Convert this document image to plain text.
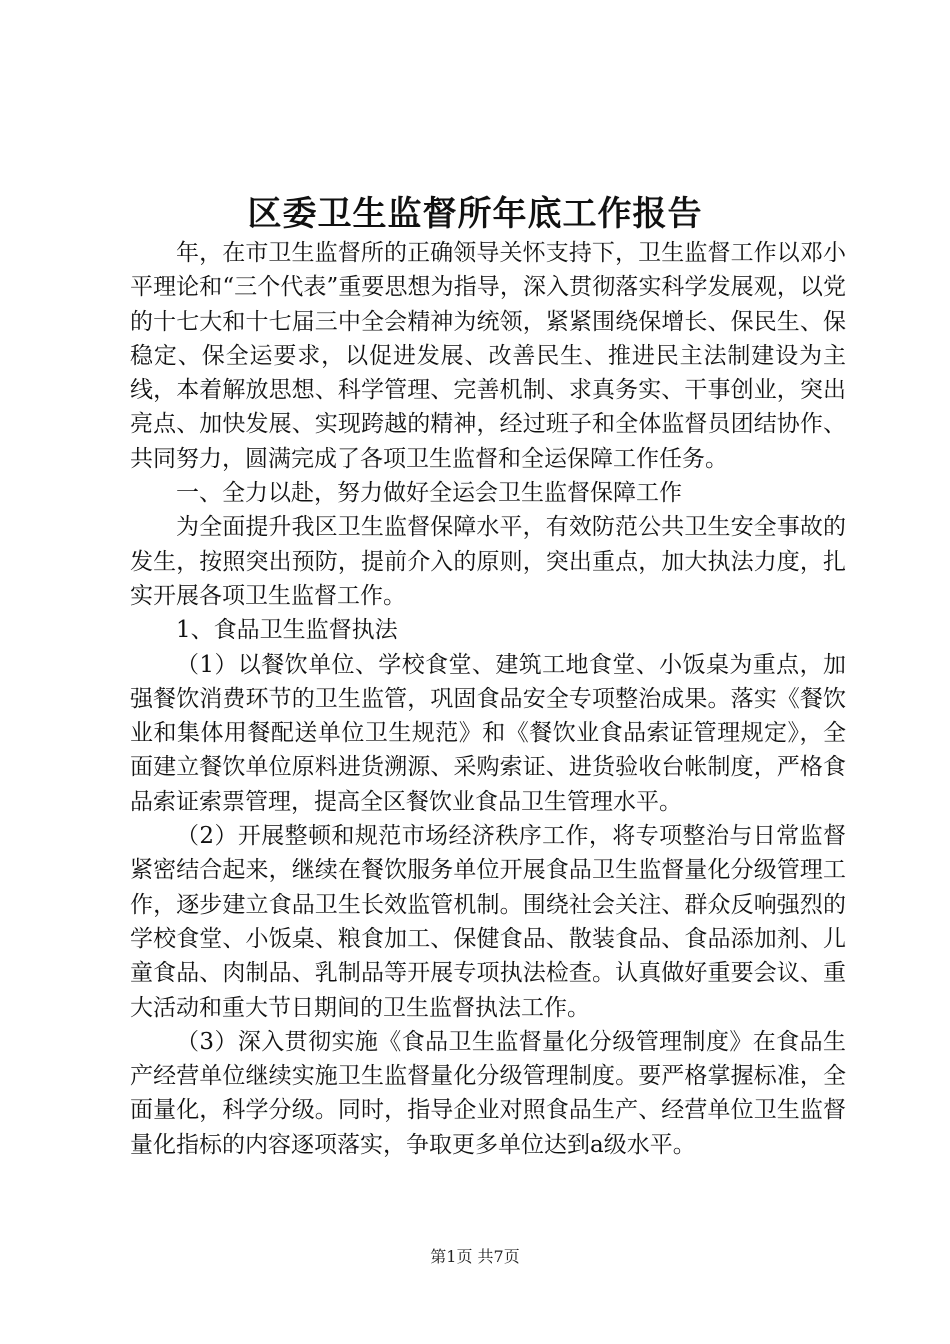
区委卫生监督所年底工作报告

年，在市卫生监督所的正确领导关怀支持下，卫生监督工作以邓小平理论和“三个代表”重要思想为指导，深入贯彻落实科学发展观，以党的十七大和十七届三中全会精神为统领，紧紧围绕保增长、保民生、保稳定、保全运要求，以促进发展、改善民生、推进民主法制建设为主线，本着解放思想、科学管理、完善机制、求真务实、干事创业，突出亮点、加快发展、实现跨越的精神，经过班子和全体监督员团结协作、共同努力，圆满完成了各项卫生监督和全运保障工作任务。

一、全力以赴，努力做好全运会卫生监督保障工作

为全面提升我区卫生监督保障水平，有效防范公共卫生安全事故的发生，按照突出预防，提前介入的原则，突出重点，加大执法力度，扎实开展各项卫生监督工作。

1、食品卫生监督执法

（1）以餐饮单位、学校食堂、建筑工地食堂、小饭桌为重点，加强餐饮消费环节的卫生监管，巩固食品安全专项整治成果。落实《餐饮业和集体用餐配送单位卫生规范》和《餐饮业食品索证管理规定》，全面建立餐饮单位原料进货溯源、采购索证、进货验收台帐制度，严格食品索证索票管理，提高全区餐饮业食品卫生管理水平。

（2）开展整顿和规范市场经济秩序工作，将专项整治与日常监督紧密结合起来，继续在餐饮服务单位开展食品卫生监督量化分级管理工作，逐步建立食品卫生长效监管机制。围绕社会关注、群众反响强烈的学校食堂、小饭桌、粮食加工、保健食品、散装食品、食品添加剂、儿童食品、肉制品、乳制品等开展专项执法检查。认真做好重要会议、重大活动和重大节日期间的卫生监督执法工作。

（3）深入贯彻实施《食品卫生监督量化分级管理制度》在食品生产经营单位继续实施卫生监督量化分级管理制度。要严格掌握标准，全面量化，科学分级。同时，指导企业对照食品生产、经营单位卫生监督量化指标的内容逐项落实，争取更多单位达到a级水平。

第1页 共7页
